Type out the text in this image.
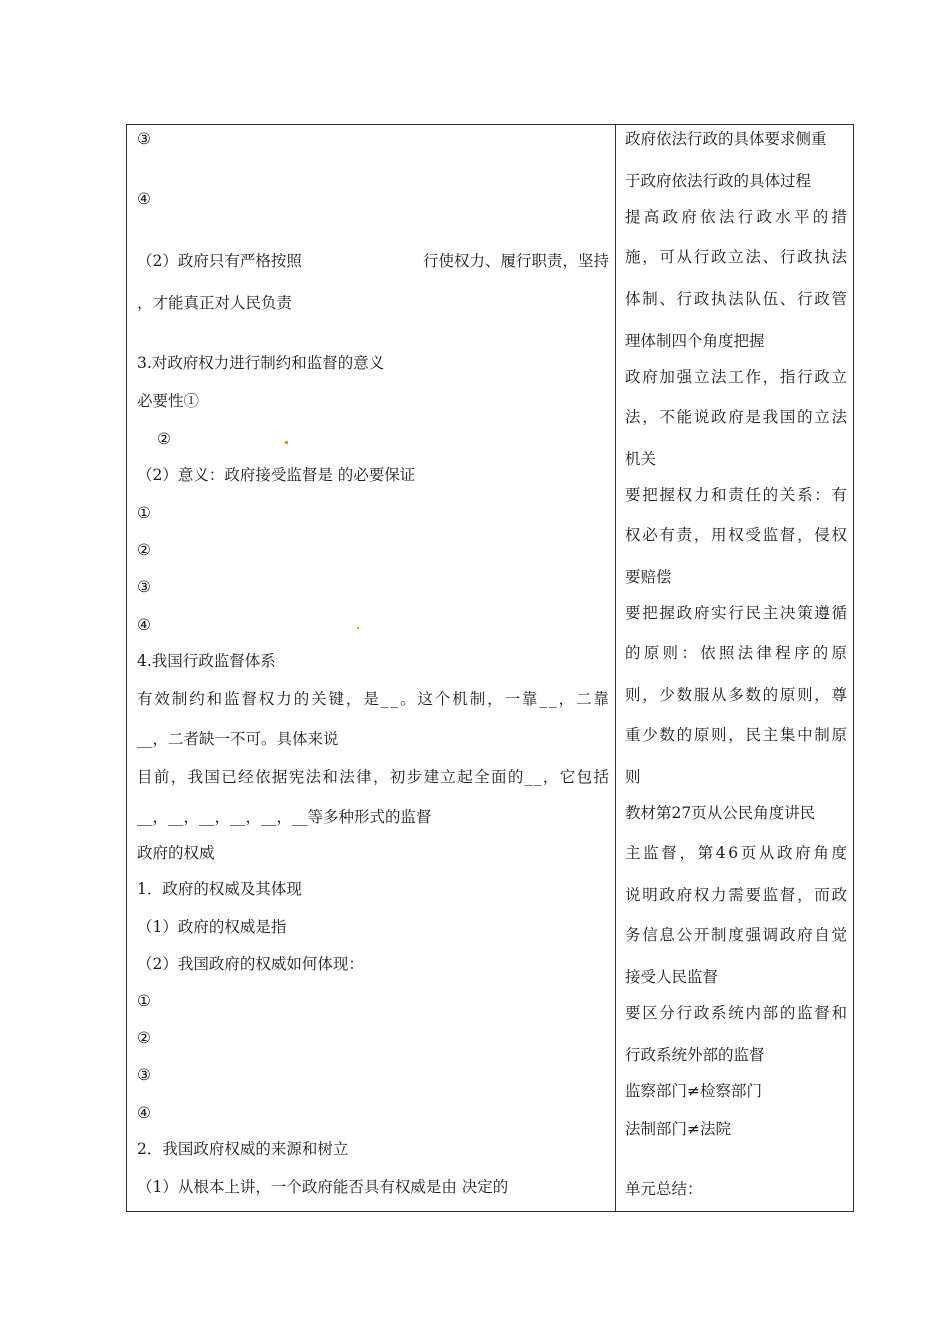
③
④
（2）政府只有严格按照	行使权力、履行职责，坚持
，才能真正对人民负责
3.对政府权力进行制约和监督的意义
必要性①
②
（2）意义：政府接受监督是 的必要保证
①
②
③
④
4.我国行政监督体系
有效制约和监督权力的关键，是__。这个机制，一靠__，二靠
__，二者缺一不可。具体来说
目前，我国已经依据宪法和法律，初步建立起全面的__，它包括
__，__，__，__，__，__等多种形式的监督
政府的权威
1．政府的权威及其体现
（1）政府的权威是指
（2）我国政府的权威如何体现：
①
②
③
④
2．我国政府权威的来源和树立
（1）从根本上讲，一个政府能否具有权威是由 决定的
政府依法行政的具体要求侧重
于政府依法行政的具体过程
提高政府依法行政水平的措
施，可从行政立法、行政执法
体制、行政执法队伍、行政管
理体制四个角度把握
政府加强立法工作，指行政立
法，不能说政府是我国的立法
机关
要把握权力和责任的关系：有
权必有责，用权受监督，侵权
要赔偿
要把握政府实行民主决策遵循
的原则：依照法律程序的原
则，少数服从多数的原则，尊
重少数的原则，民主集中制原
则
教材第27页从公民角度讲民
主监督，第46页从政府角度
说明政府权力需要监督，而政
务信息公开制度强调政府自觉
接受人民监督
要区分行政系统内部的监督和
行政系统外部的监督
监察部门≠检察部门
法制部门≠法院
单元总结：
